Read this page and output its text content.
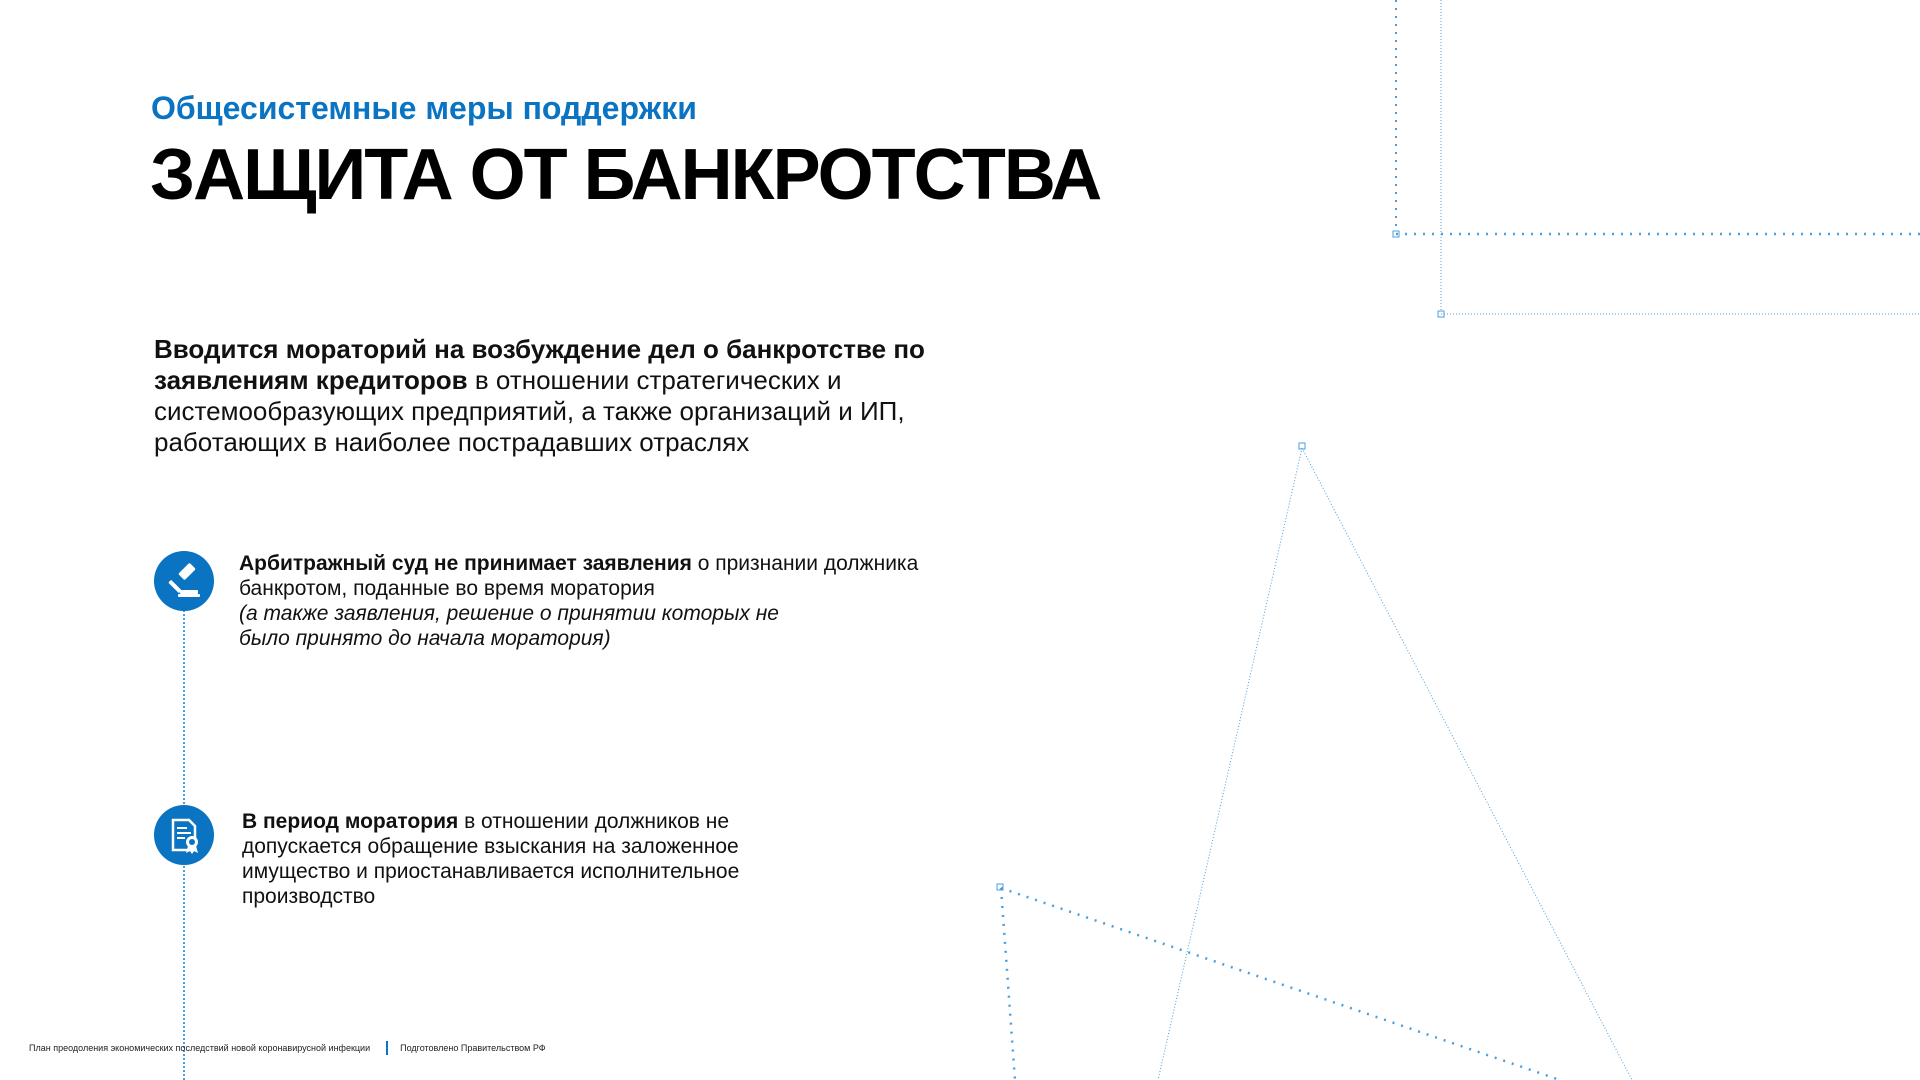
Общесистемные меры поддержки
ЗАЩИТА ОТ БАНКРОТСТВА
Вводится мораторий на возбуждение дел о банкротстве по заявлениям кредиторов в отношении стратегических и системообразующих предприятий, а также организаций и ИП, работающих в наиболее пострадавших отраслях
Арбитражный суд не принимает заявления о признании должника банкротом, поданные во время моратория
(а также заявления, решение о принятии которых не было принято до начала моратория)
В период моратория в отношении должников не допускается обращение взыскания на заложенное имущество и приостанавливается исполнительное производство
План преодоления экономических последствий новой коронавирусной инфекции	Подготовлено Правительством РФ
